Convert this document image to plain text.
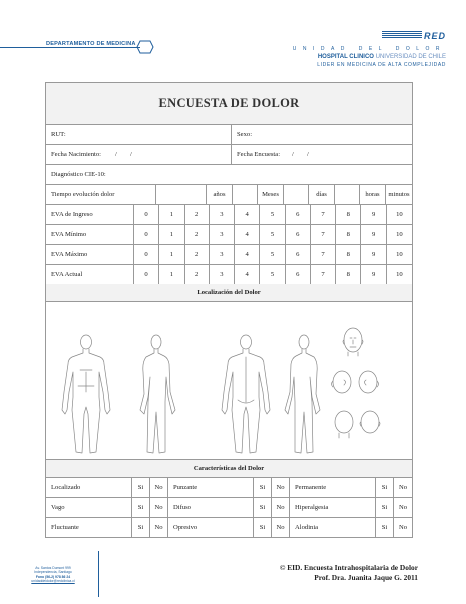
DEPARTAMENTO DE MEDICINA
RED
UNIDAD DEL DOLOR
HOSPITAL CLINICO UNIVERSIDAD DE CHILE
LIDER EN MEDICINA DE ALTA COMPLEJIDAD
ENCUESTA DE DOLOR
RUT:	Sexo:
Fecha Nacimiento: /        /	Fecha Encuesta: /        /
Diagnóstico CIE-10:
Tiempo evolución dolor	años	Meses	días	horas	minutos
EVA de Ingreso	0	1	2	3	4	5	6	7	8	9	10
EVA Mínimo	0	1	2	3	4	5	6	7	8	9	10
EVA Máximo	0	1	2	3	4	5	6	7	8	9	10
EVA Actual	0	1	2	3	4	5	6	7	8	9	10
Localización del Dolor
Características del Dolor
Localizado	Si	No	Punzante	Si	No	Permanente	Si	No
Vago	Si	No	Difuso	Si	No	Hiperalgesia	Si	No
Fluctuante	Si	No	Opresivo	Si	No	Alodinia	Si	No
Av. Santos Dumont 999
Independencia, Santiago
Fono (56-2) 978 86 24
unidaddeldolor@redclinica.cl
© EID. Encuesta Intrahospitalaria de Dolor
Prof. Dra. Juanita Jaque G. 2011
